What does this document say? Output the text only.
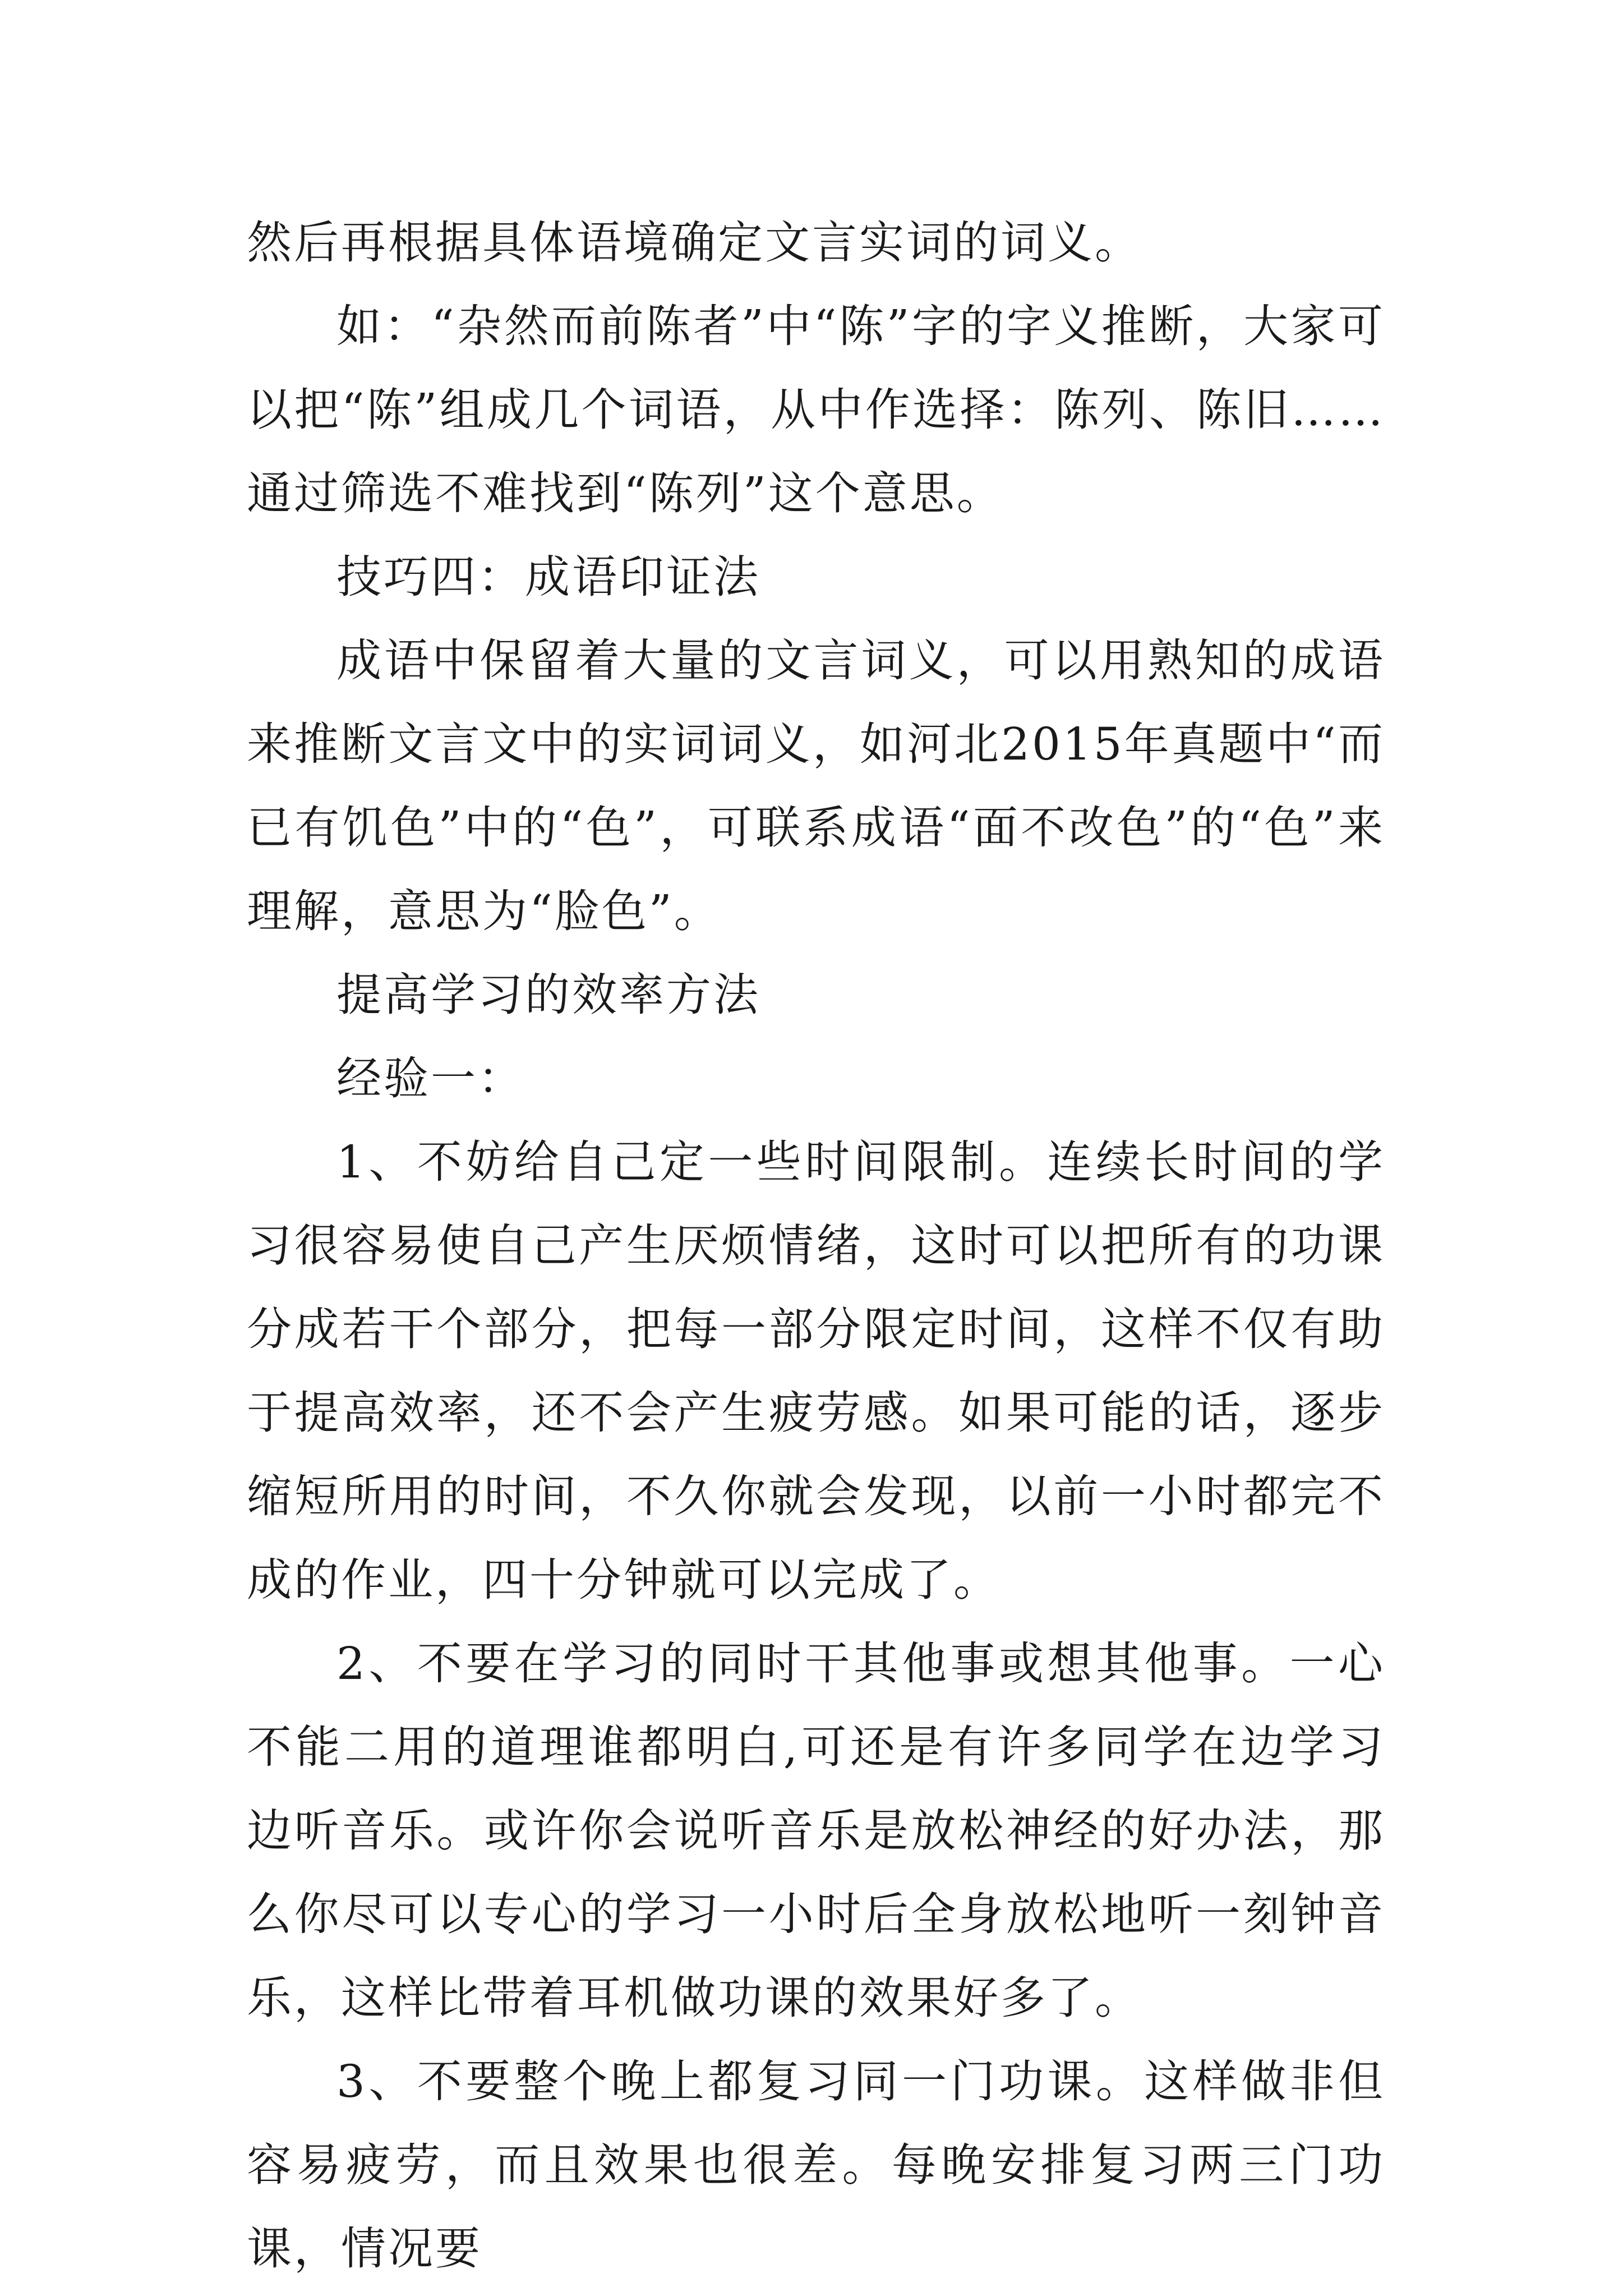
然后再根据具体语境确定文言实词的词义。

如：“杂然而前陈者”中“陈”字的字义推断，大家可以把“陈”组成几个词语，从中作选择：陈列、陈旧……通过筛选不难找到“陈列”这个意思。

技巧四：成语印证法

成语中保留着大量的文言词义，可以用熟知的成语来推断文言文中的实词词义，如河北2015年真题中“而已有饥色”中的“色”，可联系成语“面不改色”的“色”来理解，意思为“脸色”。

提高学习的效率方法

经验一：

1、不妨给自己定一些时间限制。连续长时间的学习很容易使自己产生厌烦情绪，这时可以把所有的功课分成若干个部分，把每一部分限定时间，这样不仅有助于提高效率，还不会产生疲劳感。如果可能的话，逐步缩短所用的时间，不久你就会发现，以前一小时都完不成的作业，四十分钟就可以完成了。

2、不要在学习的同时干其他事或想其他事。一心不能二用的道理谁都明白,可还是有许多同学在边学习边听音乐。或许你会说听音乐是放松神经的好办法，那么你尽可以专心的学习一小时后全身放松地听一刻钟音乐，这样比带着耳机做功课的效果好多了。

3、不要整个晚上都复习同一门功课。这样做非但容易疲劳，而且效果也很差。每晚安排复习两三门功课，情况要
